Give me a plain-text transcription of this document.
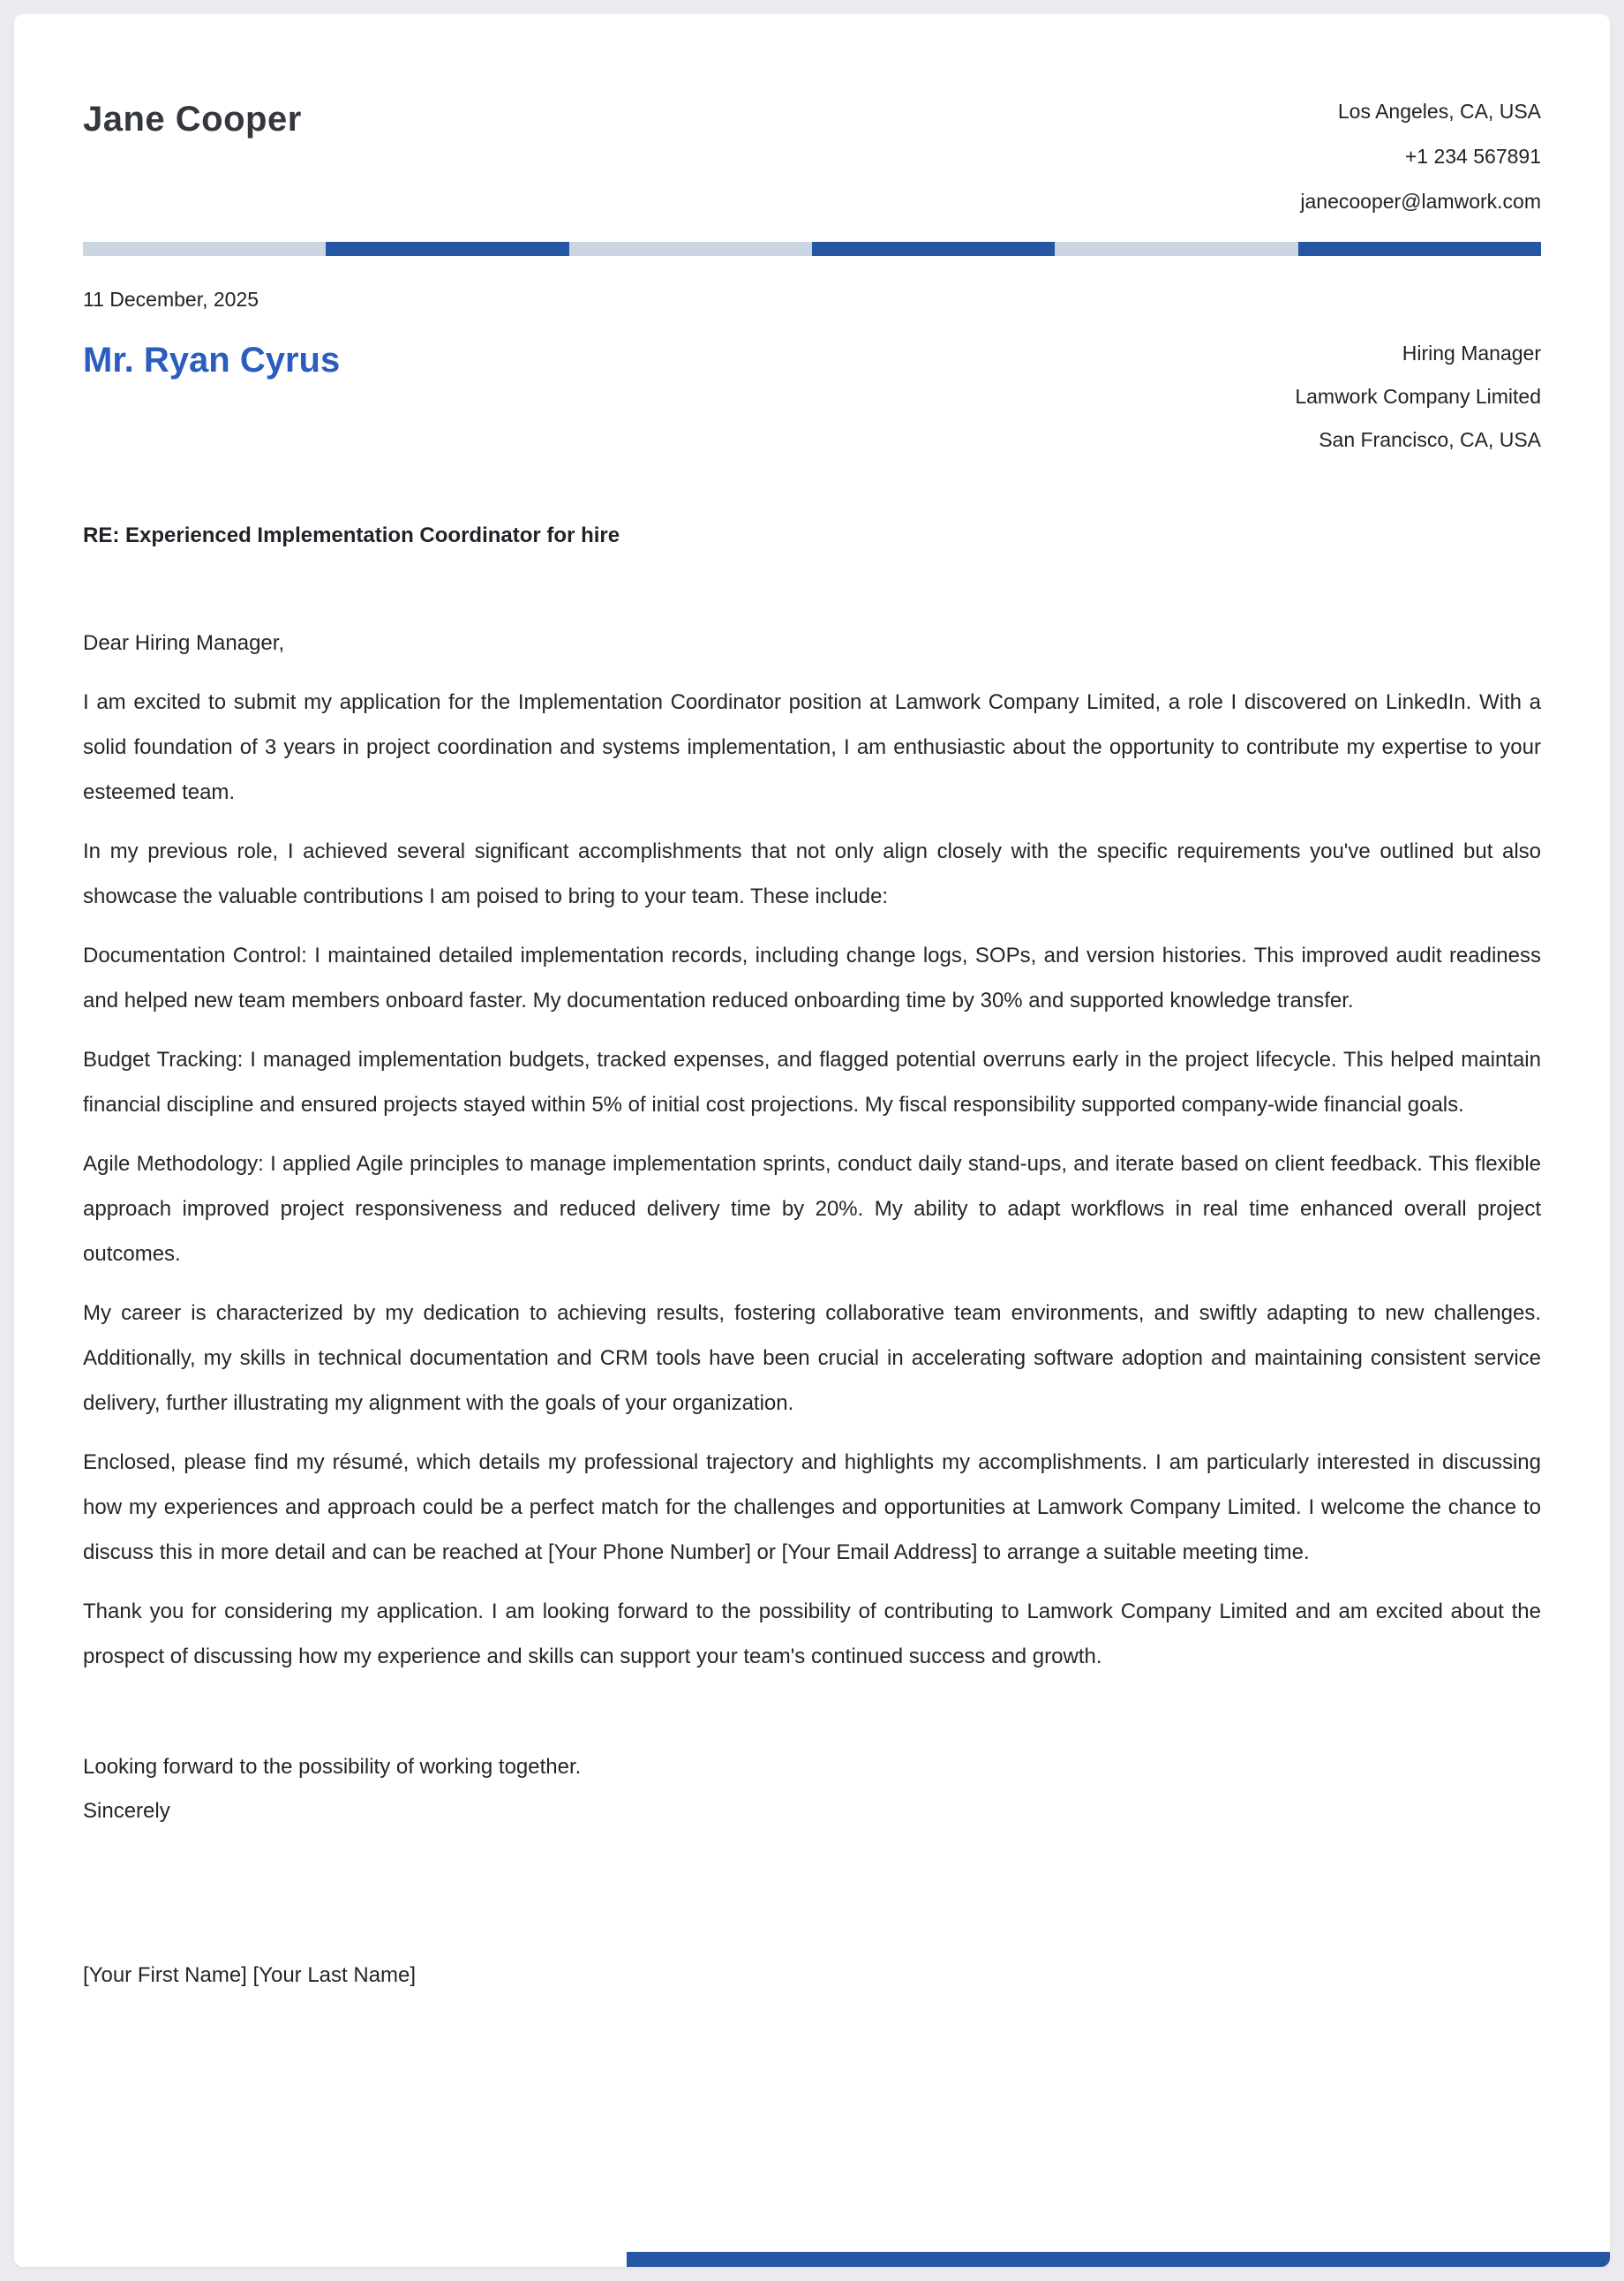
Jane Cooper	Los Angeles, CA, USA
+1 234 567891
janecooper@lamwork.com
11 December, 2025
Mr. Ryan Cyrus	Hiring Manager
Lamwork Company Limited
San Francisco, CA, USA
RE: Experienced Implementation Coordinator for hire
Dear Hiring Manager,

I am excited to submit my application for the Implementation Coordinator position at Lamwork Company Limited, a role I discovered on LinkedIn. With a solid foundation of 3 years in project coordination and systems implementation, I am enthusiastic about the opportunity to contribute my expertise to your esteemed team.

In my previous role, I achieved several significant accomplishments that not only align closely with the specific requirements you've outlined but also showcase the valuable contributions I am poised to bring to your team. These include:

Documentation Control: I maintained detailed implementation records, including change logs, SOPs, and version histories. This improved audit readiness and helped new team members onboard faster. My documentation reduced onboarding time by 30% and supported knowledge transfer.

Budget Tracking: I managed implementation budgets, tracked expenses, and flagged potential overruns early in the project lifecycle. This helped maintain financial discipline and ensured projects stayed within 5% of initial cost projections. My fiscal responsibility supported company-wide financial goals.

Agile Methodology: I applied Agile principles to manage implementation sprints, conduct daily stand-ups, and iterate based on client feedback. This flexible approach improved project responsiveness and reduced delivery time by 20%. My ability to adapt workflows in real time enhanced overall project outcomes.

My career is characterized by my dedication to achieving results, fostering collaborative team environments, and swiftly adapting to new challenges. Additionally, my skills in technical documentation and CRM tools have been crucial in accelerating software adoption and maintaining consistent service delivery, further illustrating my alignment with the goals of your organization.

Enclosed, please find my résumé, which details my professional trajectory and highlights my accomplishments. I am particularly interested in discussing how my experiences and approach could be a perfect match for the challenges and opportunities at Lamwork Company Limited. I welcome the chance to discuss this in more detail and can be reached at [Your Phone Number] or [Your Email Address] to arrange a suitable meeting time.

Thank you for considering my application. I am looking forward to the possibility of contributing to Lamwork Company Limited and am excited about the prospect of discussing how my experience and skills can support your team's continued success and growth.

Looking forward to the possibility of working together.
Sincerely
[Your First Name] [Your Last Name]
